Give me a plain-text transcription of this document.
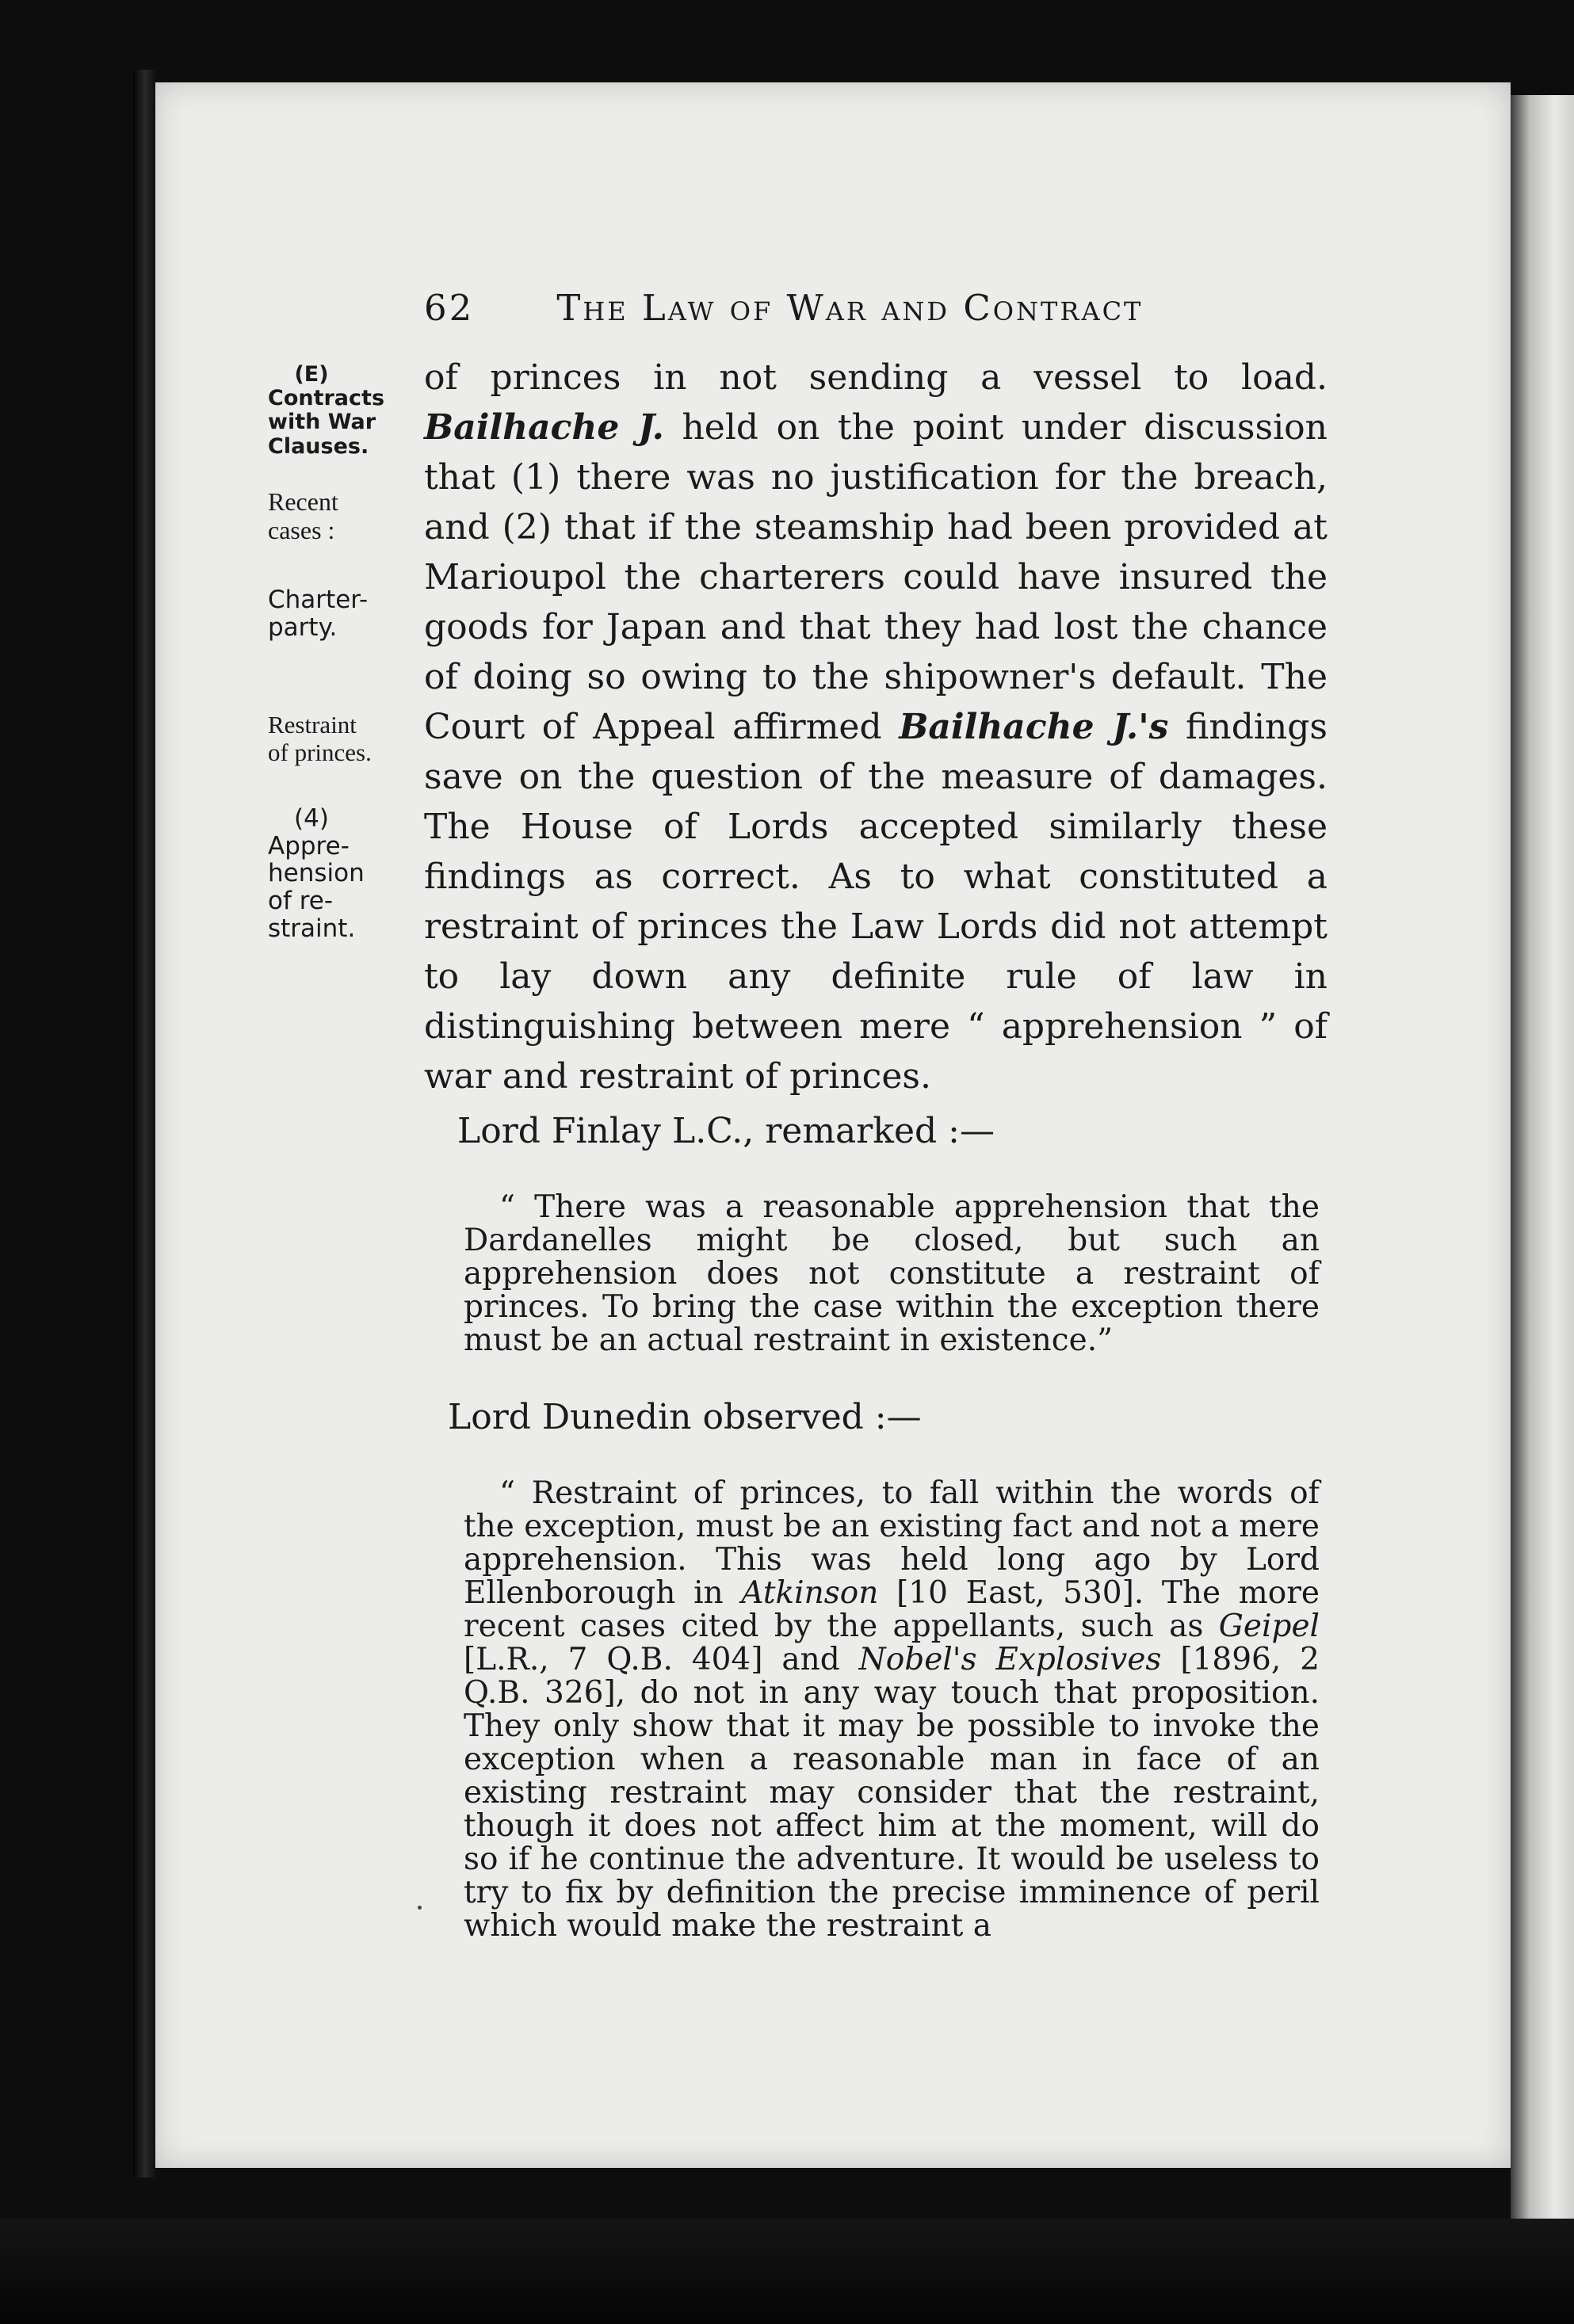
62 The Law of War and Contract
(E)
Contracts
with War
Clauses.
Recent
cases :
Charter-
party.
Restraint
of princes.
(4)
Appre-
hension
of re-
straint.

of princes in not sending a vessel to load. Bailhache J. held on the point under discussion that (1) there was no justification for the breach, and (2) that if the steamship had been provided at Marioupol the charterers could have insured the goods for Japan and that they had lost the chance of doing so owing to the shipowner's default. The Court of Appeal affirmed Bailhache J.'s findings save on the question of the measure of damages. The House of Lords accepted similarly these findings as correct. As to what constituted a restraint of princes the Law Lords did not attempt to lay down any definite rule of law in distinguishing between mere “ apprehension ” of war and restraint of princes.

Lord Finlay L.C., remarked :—

“ There was a reasonable apprehension that the Dardanelles might be closed, but such an apprehension does not constitute a restraint of princes. To bring the case within the exception there must be an actual restraint in existence.”

Lord Dunedin observed :—

“ Restraint of princes, to fall within the words of the exception, must be an existing fact and not a mere apprehension. This was held long ago by Lord Ellenborough in Atkinson [10 East, 530]. The more recent cases cited by the appellants, such as Geipel [L.R., 7 Q.B. 404] and Nobel's Explosives [1896, 2 Q.B. 326], do not in any way touch that proposition. They only show that it may be possible to invoke the exception when a reasonable man in face of an existing restraint may consider that the restraint, though it does not affect him at the moment, will do so if he continue the adventure. It would be useless to try to fix by definition the precise imminence of peril which would make the restraint a
